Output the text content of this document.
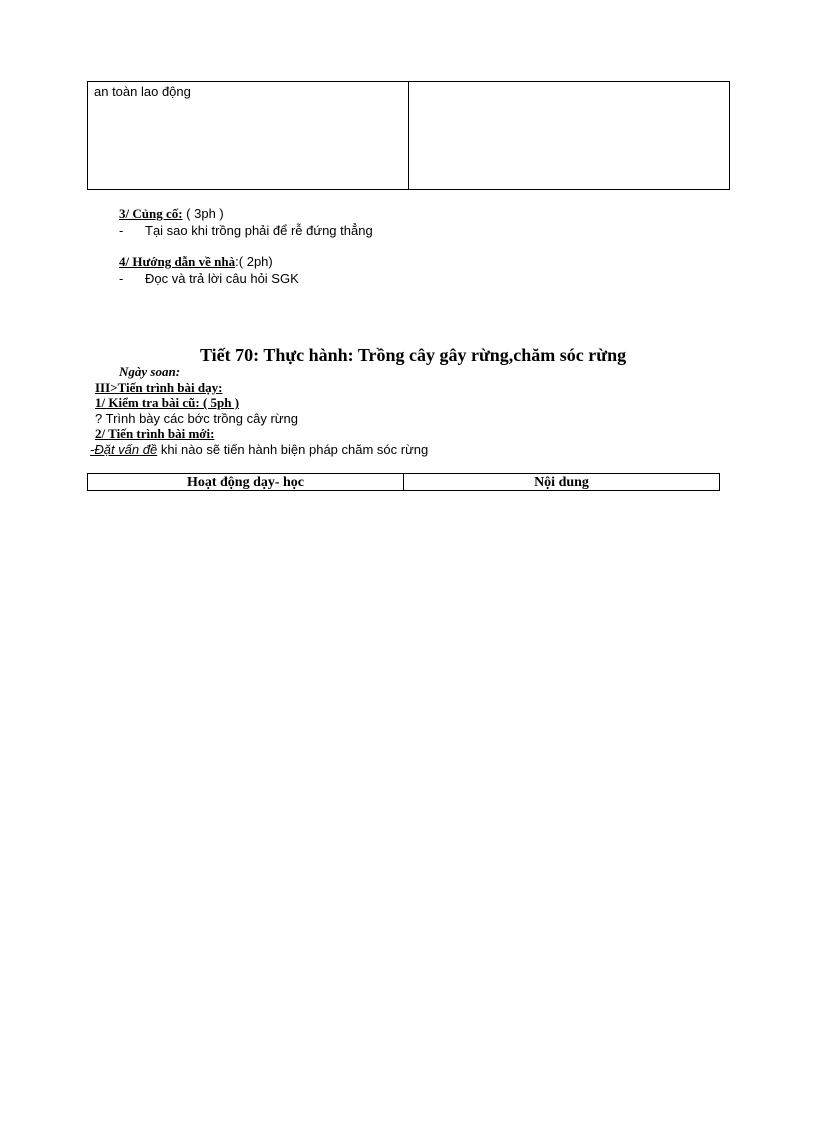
an toàn lao động
3/ Củng cố: ( 3ph )
- Tại sao khi trồng phải để rễ đứng thẳng
4/ Hướng dẫn về nhà:( 2ph)
- Đọc và trả lời câu hỏi SGK
Tiết 70: Thực hành: Trồng cây gây rừng,chăm sóc rừng
Ngày soan:
III>Tiến trình bài dạy:
1/ Kiểm tra bài cũ: ( 5ph )
? Trình bày các bớc trồng cây rừng
2/ Tiến trình bài mới:
-Đặt vấn đề khi nào sẽ tiến hành biện pháp chăm sóc rừng
Hoạt động dạy- học	Nội dung
